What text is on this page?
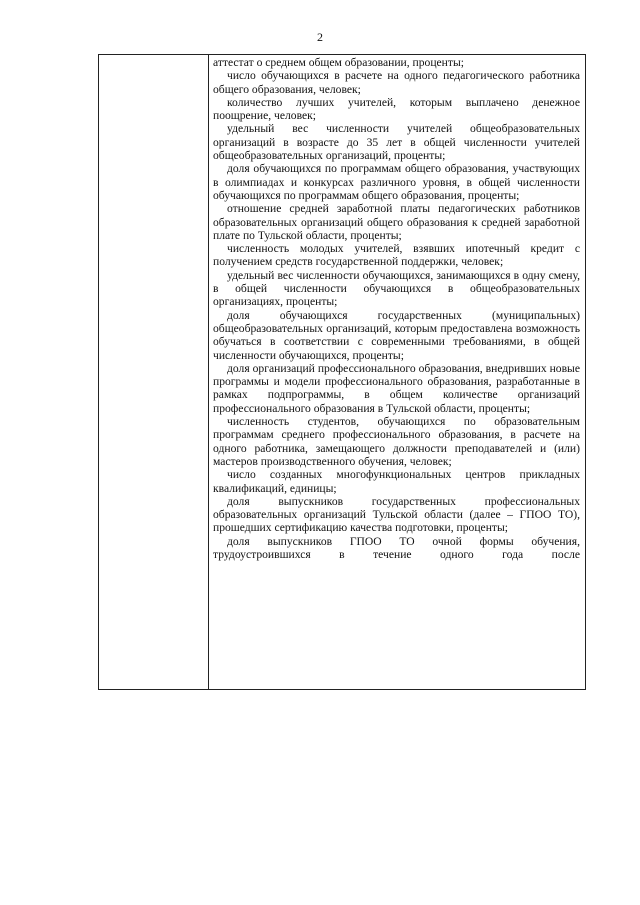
2

аттестат о среднем общем образовании, проценты;

число обучающихся в расчете на одного педагогического работника общего образования, человек;

количество лучших учителей, которым выплачено денежное поощрение, человек;

удельный вес численности учителей общеобразовательных организаций в возрасте до 35 лет в общей численности учителей общеобразовательных организаций, проценты;

доля обучающихся по программам общего образования, участвующих в олимпиадах и конкурсах различного уровня, в общей численности обучающихся по программам общего образования, проценты;

отношение средней заработной платы педагогических работников образовательных организаций общего образования к средней заработной плате по Тульской области, проценты;

численность молодых учителей, взявших ипотечный кредит с получением средств государственной поддержки, человек;

удельный вес численности обучающихся, занимающихся в одну смену, в общей численности обучающихся в общеобразовательных организациях, проценты;

доля обучающихся государственных (муниципальных) общеобразовательных организаций, которым предоставлена возможность обучаться в соответствии с современными требованиями, в общей численности обучающихся, проценты;

доля организаций профессионального образования, внедривших новые программы и модели профессионального образования, разработанные в рамках подпрограммы, в общем количестве организаций профессионального образования в Тульской области, проценты;

численность студентов, обучающихся по образовательным программам среднего профессионального образования, в расчете на одного работника, замещающего должности преподавателей и (или) мастеров производственного обучения, человек;

число созданных многофункциональных центров прикладных квалификаций, единицы;

доля выпускников государственных профессиональных образовательных организаций Тульской области (далее – ГПОО ТО), прошедших сертификацию качества подготовки, проценты;

доля выпускников ГПОО ТО очной формы обучения, трудоустроившихся в течение одного года после
